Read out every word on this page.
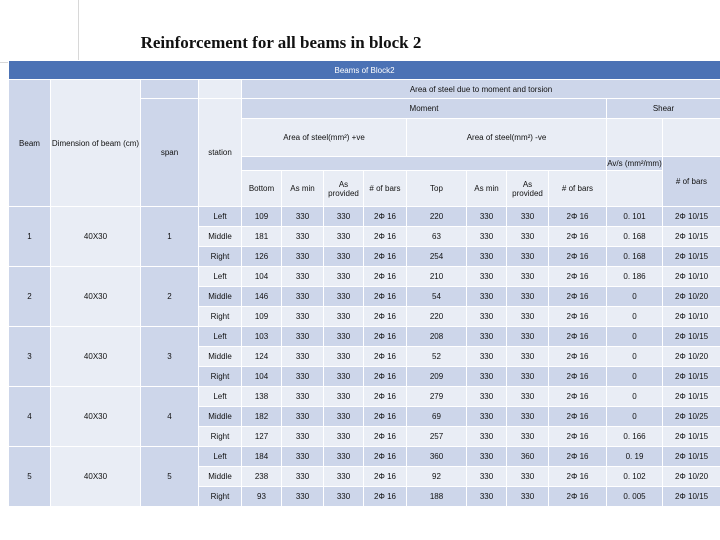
Reinforcement for all beams in block 2
Beams of Block2													
Beam	Dimension of beam (cm)			Area of steel due to moment and torsion									
		span	station	Moment								Shear	
				Area of steel(mm²) +ve				Area of steel(mm²) -ve					
												Av/s (mm²/mm)	# of bars
				Bottom	As min	As provided	# of bars	Top	As min	As provided	# of bars		
1	40X30	1	Left	109	330	330	2Φ 16	220	330	330	2Φ 16	0. 101	2Φ 10/15
			Middle	181	330	330	2Φ 16	63	330	330	2Φ 16	0. 168	2Φ 10/15
			Right	126	330	330	2Φ 16	254	330	330	2Φ 16	0. 168	2Φ 10/15
2	40X30	2	Left	104	330	330	2Φ 16	210	330	330	2Φ 16	0. 186	2Φ 10/10
			Middle	146	330	330	2Φ 16	54	330	330	2Φ 16	0	2Φ 10/20
			Right	109	330	330	2Φ 16	220	330	330	2Φ 16	0	2Φ 10/10
3	40X30	3	Left	103	330	330	2Φ 16	208	330	330	2Φ 16	0	2Φ 10/15
			Middle	124	330	330	2Φ 16	52	330	330	2Φ 16	0	2Φ 10/20
			Right	104	330	330	2Φ 16	209	330	330	2Φ 16	0	2Φ 10/15
4	40X30	4	Left	138	330	330	2Φ 16	279	330	330	2Φ 16	0	2Φ 10/15
			Middle	182	330	330	2Φ 16	69	330	330	2Φ 16	0	2Φ 10/25
			Right	127	330	330	2Φ 16	257	330	330	2Φ 16	0. 166	2Φ 10/15
5	40X30	5	Left	184	330	330	2Φ 16	360	330	360	2Φ 16	0. 19	2Φ 10/15
			Middle	238	330	330	2Φ 16	92	330	330	2Φ 16	0. 102	2Φ 10/20
			Right	93	330	330	2Φ 16	188	330	330	2Φ 16	0. 005	2Φ 10/15
